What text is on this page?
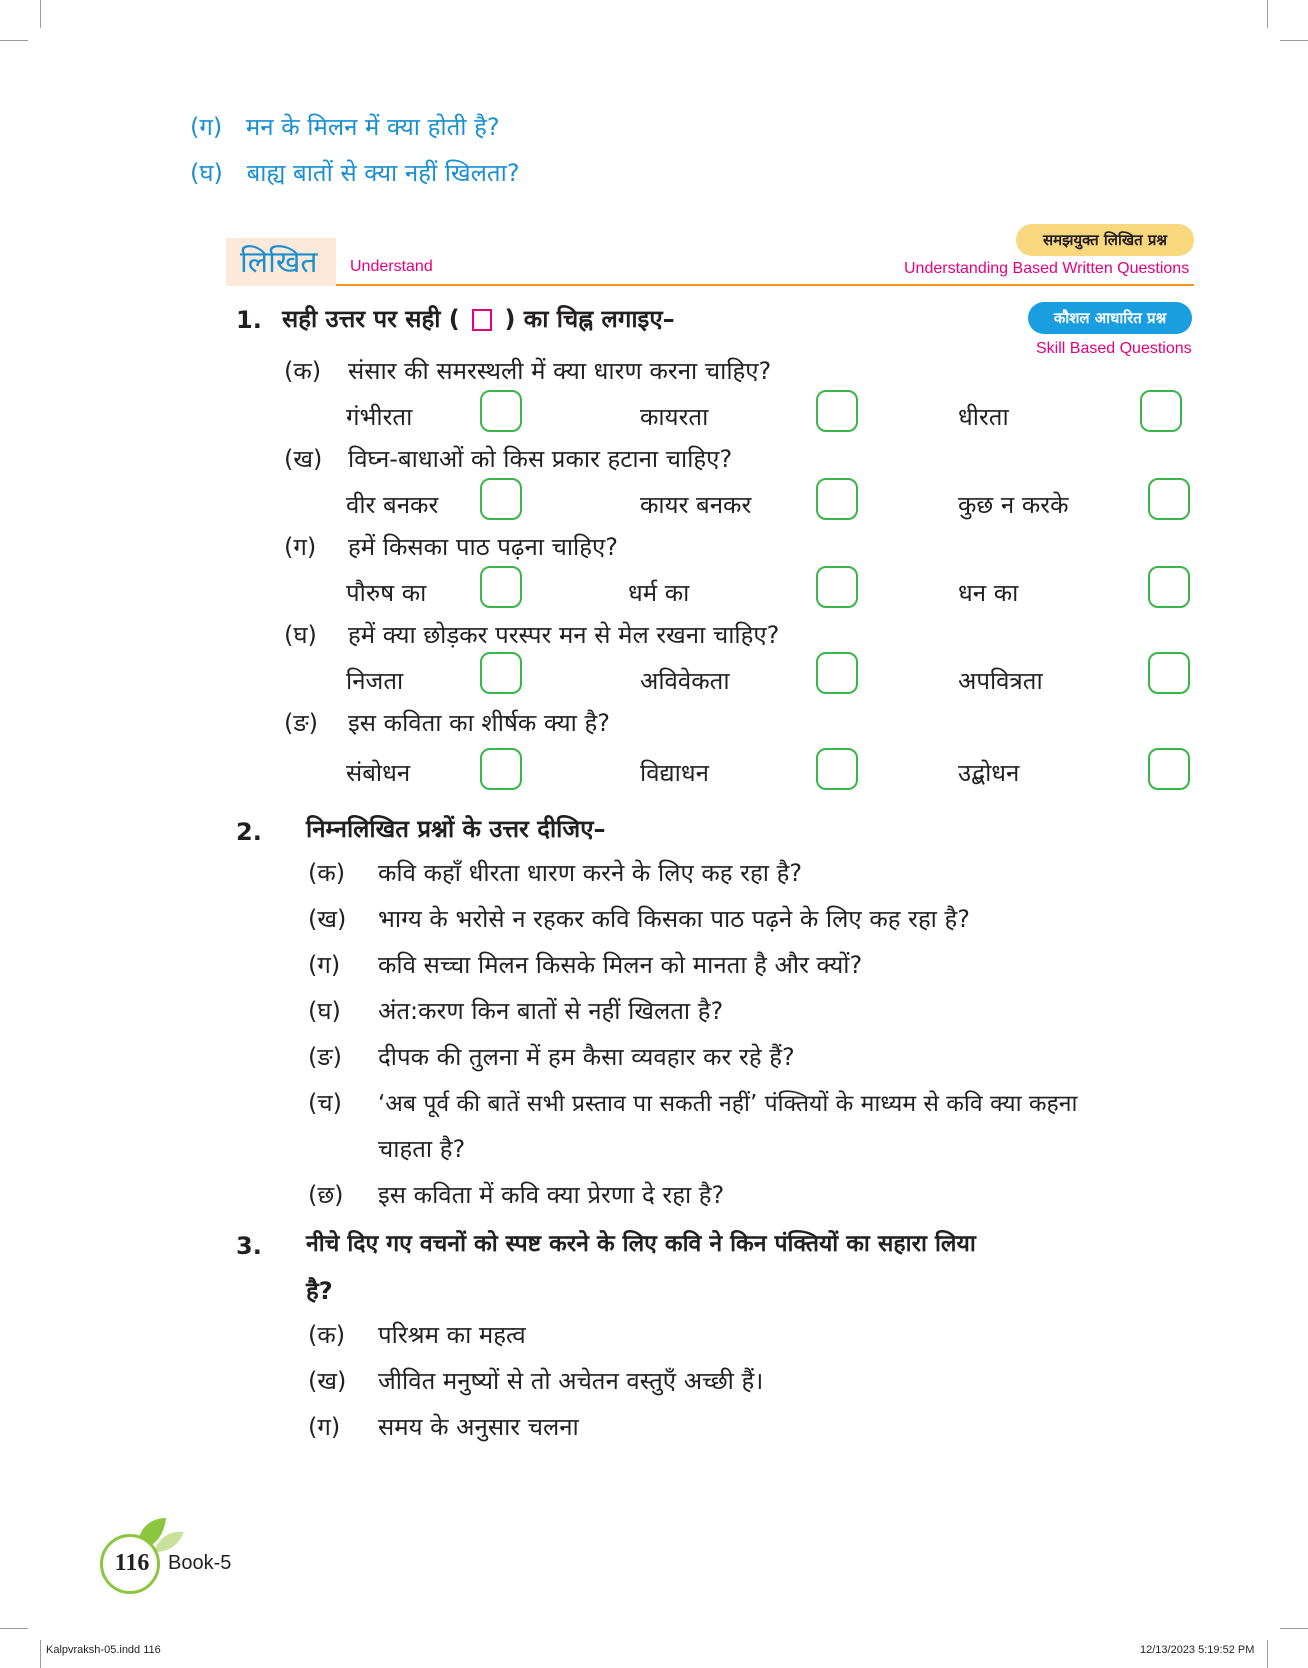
(ग) मन के मिलन में क्या होती है?
(घ) बाह्य बातों से क्या नहीं खिलता?
लिखित Understand
समझयुक्त लिखित प्रश्न
Understanding Based Written Questions
1. सही उत्तर पर सही ( ) का चिह्न लगाइए–	कौशल आधारित प्रश्न
Skill Based Questions
(क) संसार की समरस्थली में क्या धारण करना चाहिए?
गंभीरता	कायरता	धीरता
(ख) विघ्न-बाधाओं को किस प्रकार हटाना चाहिए?
वीर बनकर	कायर बनकर	कुछ न करके
(ग) हमें किसका पाठ पढ़ना चाहिए?
पौरुष का	धर्म का	धन का
(घ) हमें क्या छोड़कर परस्पर मन से मेल रखना चाहिए?
निजता	अविवेकता	अपवित्रता
(ङ) इस कविता का शीर्षक क्या है?
संबोधन	विद्याधन	उद्बोधन
2. निम्नलिखित प्रश्नों के उत्तर दीजिए–
(क) कवि कहाँ धीरता धारण करने के लिए कह रहा है?
(ख) भाग्य के भरोसे न रहकर कवि किसका पाठ पढ़ने के लिए कह रहा है?
(ग) कवि सच्चा मिलन किसके मिलन को मानता है और क्यों?
(घ) अंत:करण किन बातों से नहीं खिलता है?
(ङ) दीपक की तुलना में हम कैसा व्यवहार कर रहे हैं?
(च) ‘अब पूर्व की बातें सभी प्रस्ताव पा सकती नहीं’ पंक्तियों के माध्यम से कवि क्या कहना
चाहता है?
(छ) इस कविता में कवि क्या प्रेरणा दे रहा है?
3. नीचे दिए गए वचनों को स्पष्ट करने के लिए कवि ने किन पंक्तियों का सहारा लिया
है?
(क) परिश्रम का महत्व
(ख) जीवित मनुष्यों से तो अचेतन वस्तुएँ अच्छी हैं।
(ग) समय के अनुसार चलना
116 Book-5
Kalpvraksh-05.indd 116	12/13/2023 5:19:52 PM
